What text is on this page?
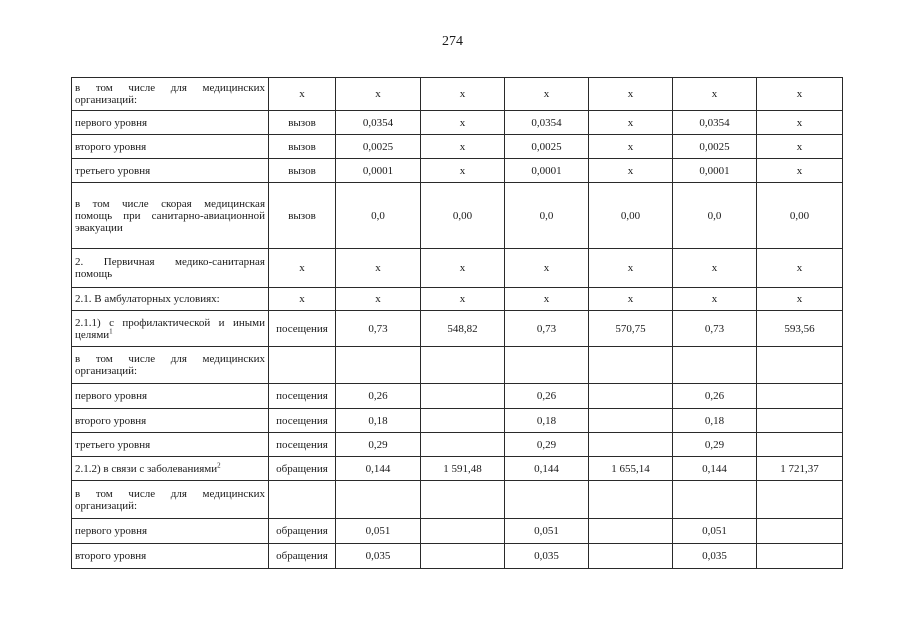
274
в том числе для медицинских организаций:	х	х	х	х	х	х	х
первого уровня	вызов	0,0354	х	0,0354	х	0,0354	х
второго уровня	вызов	0,0025	х	0,0025	х	0,0025	х
третьего уровня	вызов	0,0001	х	0,0001	х	0,0001	х
в том числе скорая медицинская помощь при санитарно-авиационной эвакуации	вызов	0,0	0,00	0,0	0,00	0,0	0,00
2. Первичная медико-санитарная помощь	х	х	х	х	х	х	х
2.1. В амбулаторных условиях:	х	х	х	х	х	х	х
2.1.1) с профилактической и иными целями$^1$	посещения	0,73	548,82	0,73	570,75	0,73	593,56
в том числе для медицинских организаций:							
первого уровня	посещения	0,26		0,26		0,26	
второго уровня	посещения	0,18		0,18		0,18	
третьего уровня	посещения	0,29		0,29		0,29	
2.1.2) в связи с заболеваниями$^2$	обращения	0,144	1 591,48	0,144	1 655,14	0,144	1 721,37
в том числе для медицинских организаций:							
первого уровня	обращения	0,051		0,051		0,051	
второго уровня	обращения	0,035		0,035		0,035	
